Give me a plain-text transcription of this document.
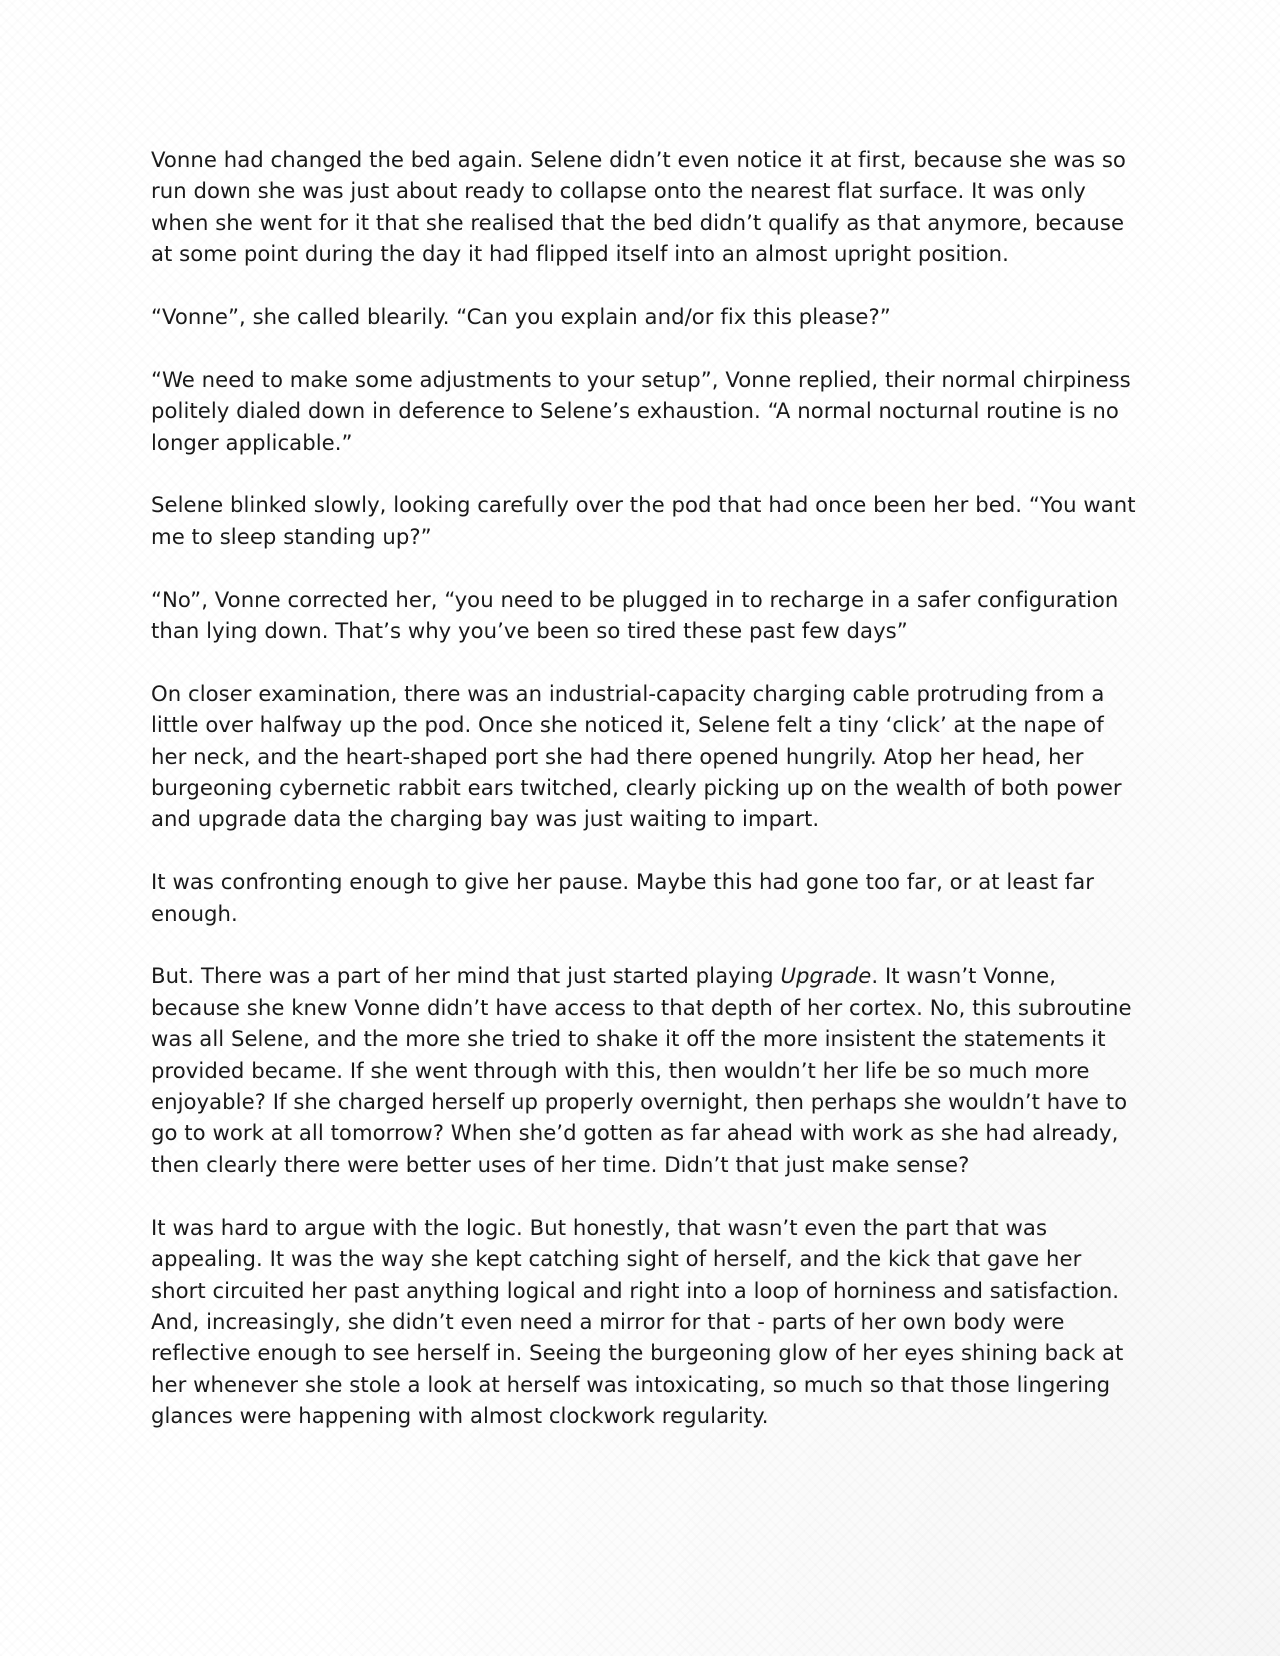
Vonne had changed the bed again. Selene didn’t even notice it at first, because she was so run down she was just about ready to collapse onto the nearest flat surface. It was only when she went for it that she realised that the bed didn’t qualify as that anymore, because at some point during the day it had flipped itself into an almost upright position.

“Vonne”, she called blearily. “Can you explain and/or fix this please?”

“We need to make some adjustments to your setup”, Vonne replied, their normal chirpiness politely dialed down in deference to Selene’s exhaustion. “A normal nocturnal routine is no longer applicable.”

Selene blinked slowly, looking carefully over the pod that had once been her bed. “You want me to sleep standing up?”

“No”, Vonne corrected her, “you need to be plugged in to recharge in a safer configuration than lying down. That’s why you’ve been so tired these past few days”

On closer examination, there was an industrial-capacity charging cable protruding from a little over halfway up the pod. Once she noticed it, Selene felt a tiny ‘click’ at the nape of her neck, and the heart-shaped port she had there opened hungrily. Atop her head, her burgeoning cybernetic rabbit ears twitched, clearly picking up on the wealth of both power and upgrade data the charging bay was just waiting to impart.

It was confronting enough to give her pause. Maybe this had gone too far, or at least far enough.

But. There was a part of her mind that just started playing Upgrade. It wasn’t Vonne, because she knew Vonne didn’t have access to that depth of her cortex. No, this subroutine was all Selene, and the more she tried to shake it off the more insistent the statements it provided became. If she went through with this, then wouldn’t her life be so much more enjoyable? If she charged herself up properly overnight, then perhaps she wouldn’t have to go to work at all tomorrow? When she’d gotten as far ahead with work as she had already, then clearly there were better uses of her time. Didn’t that just make sense?

It was hard to argue with the logic. But honestly, that wasn’t even the part that was appealing. It was the way she kept catching sight of herself, and the kick that gave her short circuited her past anything logical and right into a loop of horniness and satisfaction. And, increasingly, she didn’t even need a mirror for that - parts of her own body were reflective enough to see herself in. Seeing the burgeoning glow of her eyes shining back at her whenever she stole a look at herself was intoxicating, so much so that those lingering glances were happening with almost clockwork regularity.
